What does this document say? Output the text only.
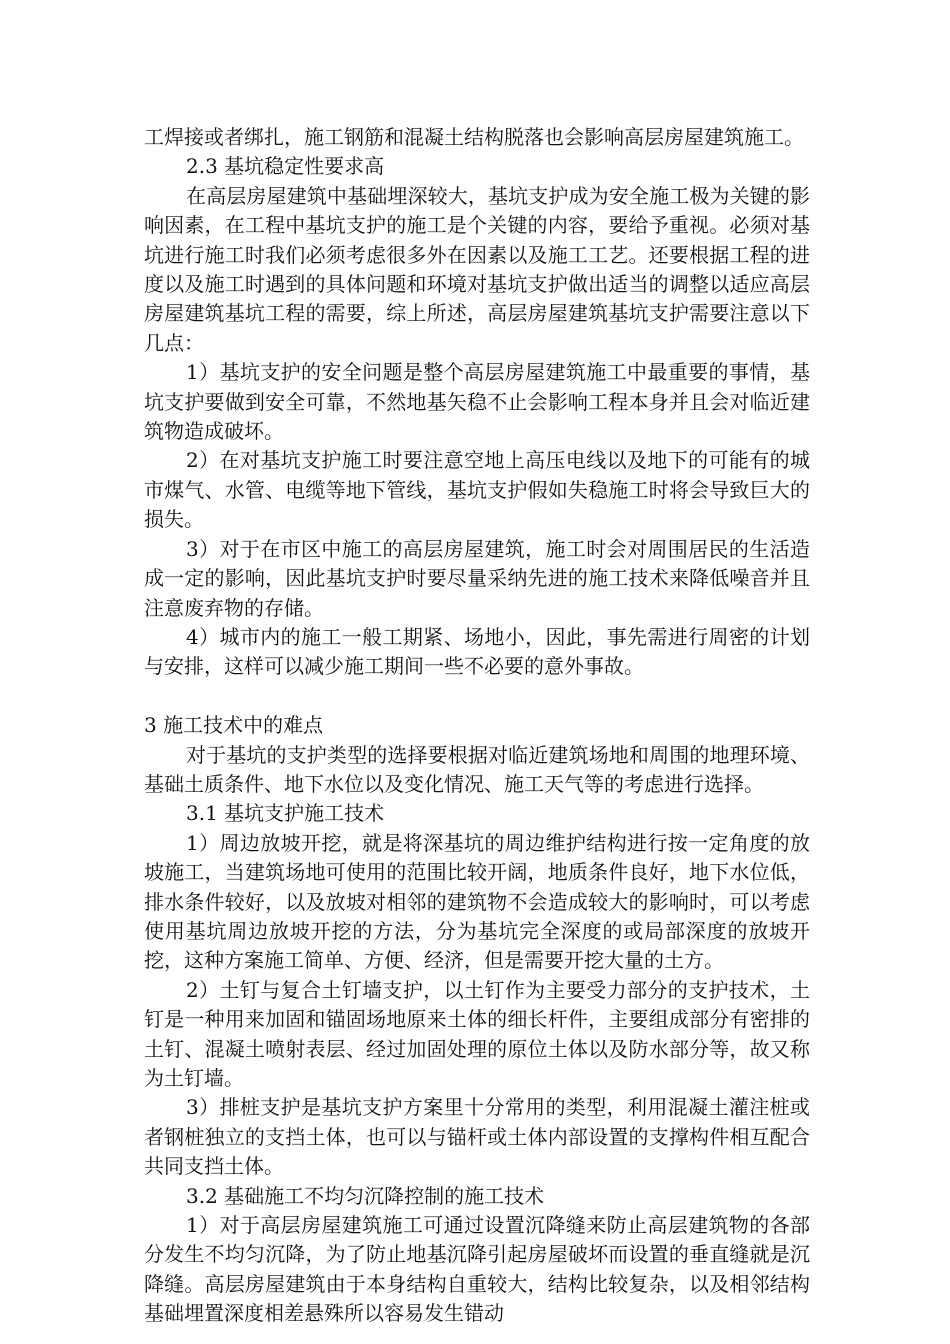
工焊接或者绑扎，施工钢筋和混凝土结构脱落也会影响高层房屋建筑施工。

2.3 基坑稳定性要求高

在高层房屋建筑中基础埋深较大，基坑支护成为安全施工极为关键的影响因素，在工程中基坑支护的施工是个关键的内容，要给予重视。必须对基坑进行施工时我们必须考虑很多外在因素以及施工工艺。还要根据工程的进度以及施工时遇到的具体问题和环境对基坑支护做出适当的调整以适应高层房屋建筑基坑工程的需要，综上所述，高层房屋建筑基坑支护需要注意以下几点：

1）基坑支护的安全问题是整个高层房屋建筑施工中最重要的事情，基坑支护要做到安全可靠，不然地基矢稳不止会影响工程本身并且会对临近建筑物造成破坏。

2）在对基坑支护施工时要注意空地上高压电线以及地下的可能有的城市煤气、水管、电缆等地下管线，基坑支护假如失稳施工时将会导致巨大的损失。

3）对于在市区中施工的高层房屋建筑，施工时会对周围居民的生活造成一定的影响，因此基坑支护时要尽量采纳先进的施工技术来降低噪音并且注意废弃物的存储。

4）城市内的施工一般工期紧、场地小，因此，事先需进行周密的计划与安排，这样可以减少施工期间一些不必要的意外事故。

3 施工技术中的难点

对于基坑的支护类型的选择要根据对临近建筑场地和周围的地理环境、基础土质条件、地下水位以及变化情况、施工天气等的考虑进行选择。

3.1 基坑支护施工技术

1）周边放坡开挖，就是将深基坑的周边维护结构进行按一定角度的放坡施工，当建筑场地可使用的范围比较开阔，地质条件良好，地下水位低，排水条件较好，以及放坡对相邻的建筑物不会造成较大的影响时，可以考虑使用基坑周边放坡开挖的方法，分为基坑完全深度的或局部深度的放坡开挖，这种方案施工简单、方便、经济，但是需要开挖大量的土方。

2）土钉与复合土钉墙支护，以土钉作为主要受力部分的支护技术，土钉是一种用来加固和锚固场地原来土体的细长杆件，主要组成部分有密排的土钉、混凝土喷射表层、经过加固处理的原位土体以及防水部分等，故又称为土钉墙。

3）排桩支护是基坑支护方案里十分常用的类型，利用混凝土灌注桩或者钢桩独立的支挡土体，也可以与锚杆或土体内部设置的支撑构件相互配合共同支挡土体。

3.2 基础施工不均匀沉降控制的施工技术

1）对于高层房屋建筑施工可通过设置沉降缝来防止高层建筑物的各部分发生不均匀沉降，为了防止地基沉降引起房屋破坏而设置的垂直缝就是沉降缝。高层房屋建筑由于本身结构自重较大，结构比较复杂，以及相邻结构基础埋置深度相差悬殊所以容易发生错动
